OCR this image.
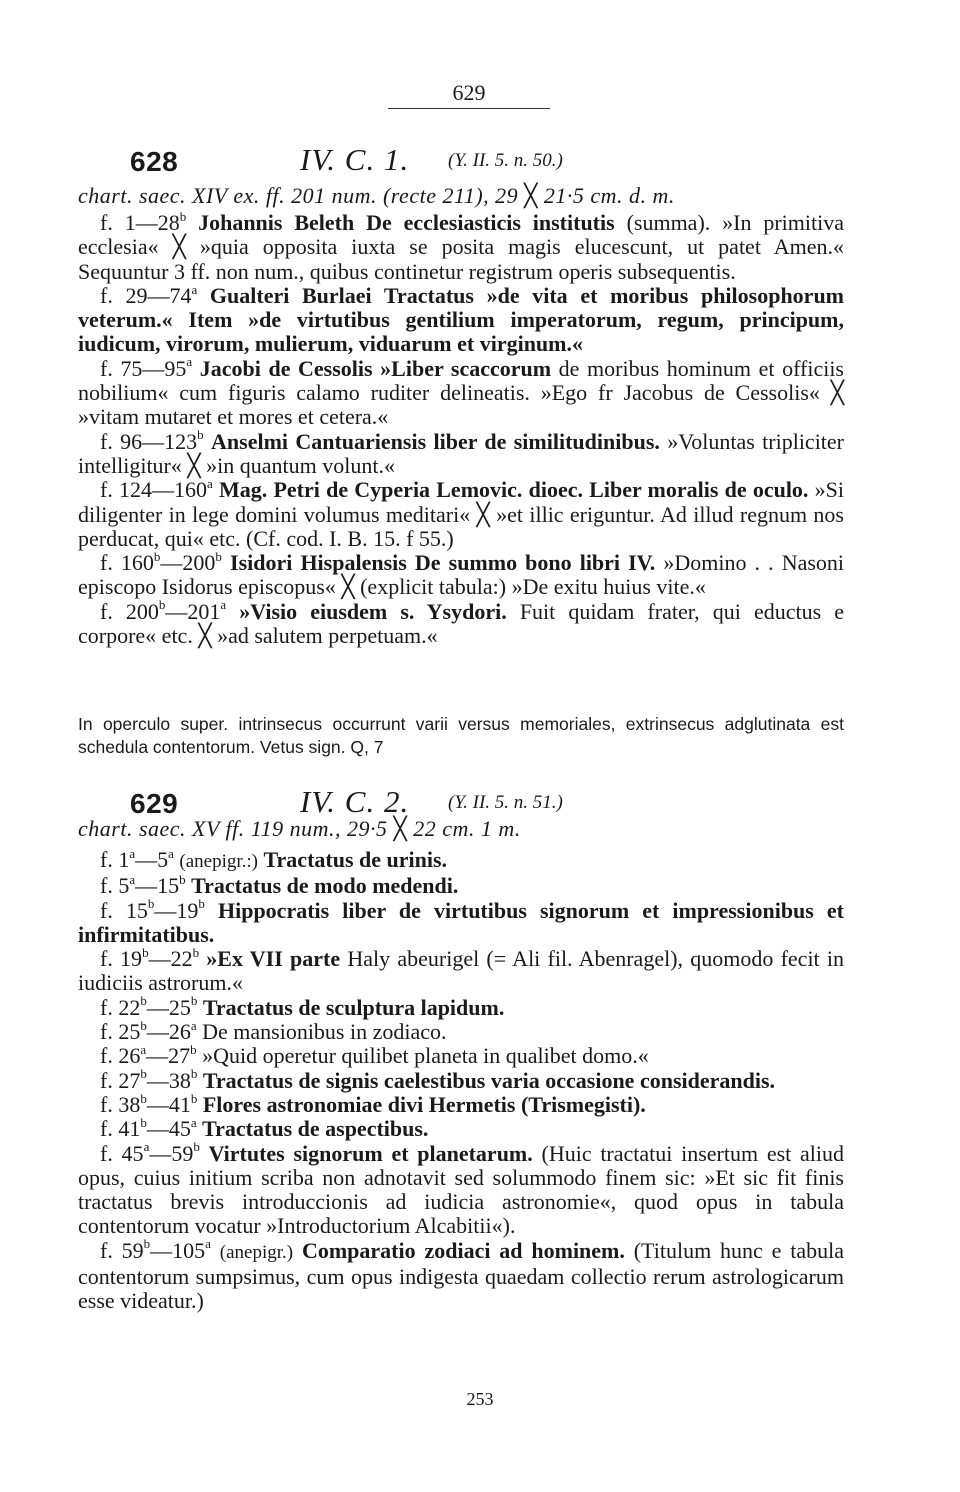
629
628	IV. C. 1. (Y. II. 5. n. 50.)
chart. saec. XIV ex. ff. 201 num. (recte 211), 29 ╳ 21·5 cm. d. m.

f. 1—28$^b$ Johannis Beleth De ecclesiasticis institutis (summa). »In primitiva ecclesia« ╳ »quia opposita iuxta se posita magis elucescunt, ut patet Amen.« Sequuntur 3 ff. non num., quibus continetur registrum operis subsequentis.

f. 29—74$^a$ Gualteri Burlaei Tractatus »de vita et moribus philosophorum veterum.« Item »de virtutibus gentilium imperatorum, regum, principum, iudicum, virorum, mulierum, viduarum et virginum.«

f. 75—95$^a$ Jacobi de Cessolis »Liber scaccorum de moribus hominum et officiis nobilium« cum figuris calamo ruditer delineatis. »Ego fr Jacobus de Cessolis« ╳ »vitam mutaret et mores et cetera.«

f. 96—123$^b$ Anselmi Cantuariensis liber de similitudinibus. »Voluntas tripliciter intelligitur« ╳ »in quantum volunt.«

f. 124—160$^a$ Mag. Petri de Cyperia Lemovic. dioec. Liber moralis de oculo. »Si diligenter in lege domini volumus meditari« ╳ »et illic eriguntur. Ad illud regnum nos perducat, qui« etc. (Cf. cod. I. B. 15. f 55.)

f. 160$^b$—200$^b$ Isidori Hispalensis De summo bono libri IV. »Domino . . Nasoni episcopo Isidorus episcopus« ╳ (explicit tabula:) »De exitu huius vite.«

f. 200$^b$—201$^a$ »Visio eiusdem s. Ysydori. Fuit quidam frater, qui eductus e corpore« etc. ╳ »ad salutem perpetuam.«

In operculo super. intrinsecus occurrunt varii versus memoriales, extrinsecus adglutinata est schedula contentorum. Vetus sign. Q, 7
629	IV. C. 2. (Y. II. 5. n. 51.)
chart. saec. XV ff. 119 num., 29·5 ╳ 22 cm. 1 m.

f. 1$^a$—5$^a$ (anepigr.:) Tractatus de urinis.

f. 5$^a$—15$^b$ Tractatus de modo medendi.

f. 15$^b$—19$^b$ Hippocratis liber de virtutibus signorum et impressionibus et infirmitatibus.

f. 19$^b$—22$^b$ »Ex VII parte Haly abeurigel (= Ali fil. Abenragel), quomodo fecit in iudiciis astrorum.«

f. 22$^b$—25$^b$ Tractatus de sculptura lapidum.

f. 25$^b$—26$^a$ De mansionibus in zodiaco.

f. 26$^a$—27$^b$ »Quid operetur quilibet planeta in qualibet domo.«

f. 27$^b$—38$^b$ Tractatus de signis caelestibus varia occasione considerandis.

f. 38$^b$—41$^b$ Flores astronomiae divi Hermetis (Trismegisti).

f. 41$^b$—45$^a$ Tractatus de aspectibus.

f. 45$^a$—59$^b$ Virtutes signorum et planetarum. (Huic tractatui insertum est aliud opus, cuius initium scriba non adnotavit sed solummodo finem sic: »Et sic fit finis tractatus brevis introduccionis ad iudicia astronomie«, quod opus in tabula contentorum vocatur »Introductorium Alcabitii«).

f. 59$^b$—105$^a$ (anepigr.) Comparatio zodiaci ad hominem. (Titulum hunc e tabula contentorum sumpsimus, cum opus indigesta quaedam collectio rerum astrologicarum esse videatur.)

253
